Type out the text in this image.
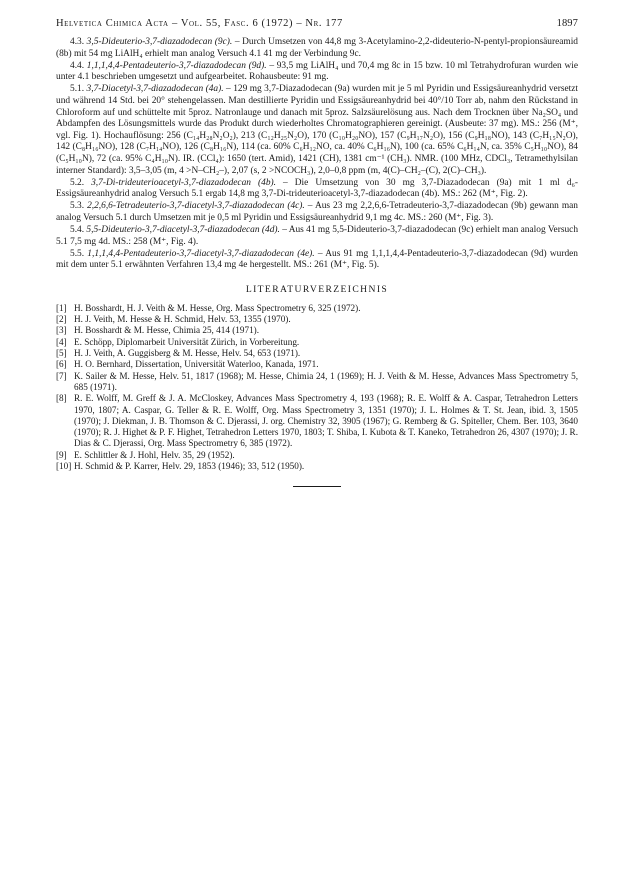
Helvetica Chimica Acta – Vol. 55, Fasc. 6 (1972) – Nr. 177	1897

4.3. 3,5-Dideuterio-3,7-diazadodecan (9c). – Durch Umsetzen von 44,8 mg 3-Acetylamino-2,2-dideuterio-N-pentyl-propionsäureamid (8b) mit 54 mg LiAlH₄ erhielt man analog Versuch 4.1 41 mg der Verbindung 9c.

4.4. 1,1,1,4,4-Pentadeuterio-3,7-diazadodecan (9d). – 93,5 mg LiAlH₄ und 70,4 mg 8c in 15 bzw. 10 ml Tetrahydrofuran wurden wie unter 4.1 beschrieben umgesetzt und aufgearbeitet. Rohausbeute: 91 mg.

5.1. 3,7-Diacetyl-3,7-diazadodecan (4a). – 129 mg 3,7-Diazadodecan (9a) wurden mit je 5 ml Pyridin und Essigsäureanhydrid versetzt und während 14 Std. bei 20° stehengelassen. Man destillierte Pyridin und Essigsäureanhydrid bei 40°/10 Torr ab, nahm den Rückstand in Chloroform auf und schüttelte mit 5proz. Natronlauge und danach mit 5proz. Salzsäurelösung aus. Nach dem Trocknen über Na₂SO₄ und Abdampfen des Lösungsmittels wurde das Produkt durch wiederholtes Chromatographieren gereinigt. (Ausbeute: 37 mg). MS.: 256 (M⁺, vgl. Fig. 1). Hochauflösung: 256 (C₁₄H₂₈N₂O₂), 213 (C₁₂H₂₅N₂O), 170 (C₁₀H₂₀NO), 157 (C₉H₁₇N₂O), 156 (C₉H₁₈NO), 143 (C₇H₁₅N₂O), 142 (C₈H₁₆NO), 128 (C₇H₁₄NO), 126 (C₈H₁₆N), 114 (ca. 60% C₆H₁₂NO, ca. 40% C₆H₁₆N), 100 (ca. 65% C₆H₁₄N, ca. 35% C₅H₁₀NO), 84 (C₅H₁₀N), 72 (ca. 95% C₄H₁₀N). IR. (CCl₄): 1650 (tert. Amid), 1421 (CH), 1381 cm⁻¹ (CH₃). NMR. (100 MHz, CDCl₃, Tetramethylsilan interner Standard): 3,5–3,05 (m, 4 >N–CH₂–), 2,07 (s, 2 >NCOCH₃), 2,0–0,8 ppm (m, 4(C)–CH₂–(C), 2(C)–CH₃).

5.2. 3,7-Di-trideuterioacetyl-3,7-diazadodecan (4b). – Die Umsetzung von 30 mg 3,7-Diazadodecan (9a) mit 1 ml d₆-Essigsäureanhydrid analog Versuch 5.1 ergab 14,8 mg 3,7-Di-trideuterioacetyl-3,7-diazadodecan (4b). MS.: 262 (M⁺, Fig. 2).

5.3. 2,2,6,6-Tetradeuterio-3,7-diacetyl-3,7-diazadodecan (4c). – Aus 23 mg 2,2,6,6-Tetradeuterio-3,7-diazadodecan (9b) gewann man analog Versuch 5.1 durch Umsetzen mit je 0,5 ml Pyridin und Essigsäureanhydrid 9,1 mg 4c. MS.: 260 (M⁺, Fig. 3).

5.4. 5,5-Dideuterio-3,7-diacetyl-3,7-diazadodecan (4d). – Aus 41 mg 5,5-Dideuterio-3,7-diazadodecan (9c) erhielt man analog Versuch 5.1 7,5 mg 4d. MS.: 258 (M⁺, Fig. 4).

5.5. 1,1,1,4,4-Pentadeuterio-3,7-diacetyl-3,7-diazadodecan (4e). – Aus 91 mg 1,1,1,4,4-Pentadeuterio-3,7-diazadodecan (9d) wurden mit dem unter 5.1 erwähnten Verfahren 13,4 mg 4e hergestellt. MS.: 261 (M⁺, Fig. 5).

LITERATURVERZEICHNIS
[1] H. Bosshardt, H. J. Veith & M. Hesse, Org. Mass Spectrometry 6, 325 (1972).
[2] H. J. Veith, M. Hesse & H. Schmid, Helv. 53, 1355 (1970).
[3] H. Bosshardt & M. Hesse, Chimia 25, 414 (1971).
[4] E. Schöpp, Diplomarbeit Universität Zürich, in Vorbereitung.
[5] H. J. Veith, A. Guggisberg & M. Hesse, Helv. 54, 653 (1971).
[6] H. O. Bernhard, Dissertation, Universität Waterloo, Kanada, 1971.
[7] K. Sailer & M. Hesse, Helv. 51, 1817 (1968); M. Hesse, Chimia 24, 1 (1969); H. J. Veith & M. Hesse, Advances Mass Spectrometry 5, 685 (1971).
[8] R. E. Wolff, M. Greff & J. A. McCloskey, Advances Mass Spectrometry 4, 193 (1968); R. E. Wolff & A. Caspar, Tetrahedron Letters 1970, 1807; A. Caspar, G. Teller & R. E. Wolff, Org. Mass Spectrometry 3, 1351 (1970); J. L. Holmes & T. St. Jean, ibid. 3, 1505 (1970); J. Diekman, J. B. Thomson & C. Djerassi, J. org. Chemistry 32, 3905 (1967); G. Remberg & G. Spiteller, Chem. Ber. 103, 3640 (1970); R. J. Highet & P. F. Highet, Tetrahedron Letters 1970, 1803; T. Shiba, I. Kubota & T. Kaneko, Tetrahedron 26, 4307 (1970); J. R. Dias & C. Djerassi, Org. Mass Spectrometry 6, 385 (1972).
[9] E. Schlittler & J. Hohl, Helv. 35, 29 (1952).
[10] H. Schmid & P. Karrer, Helv. 29, 1853 (1946); 33, 512 (1950).
